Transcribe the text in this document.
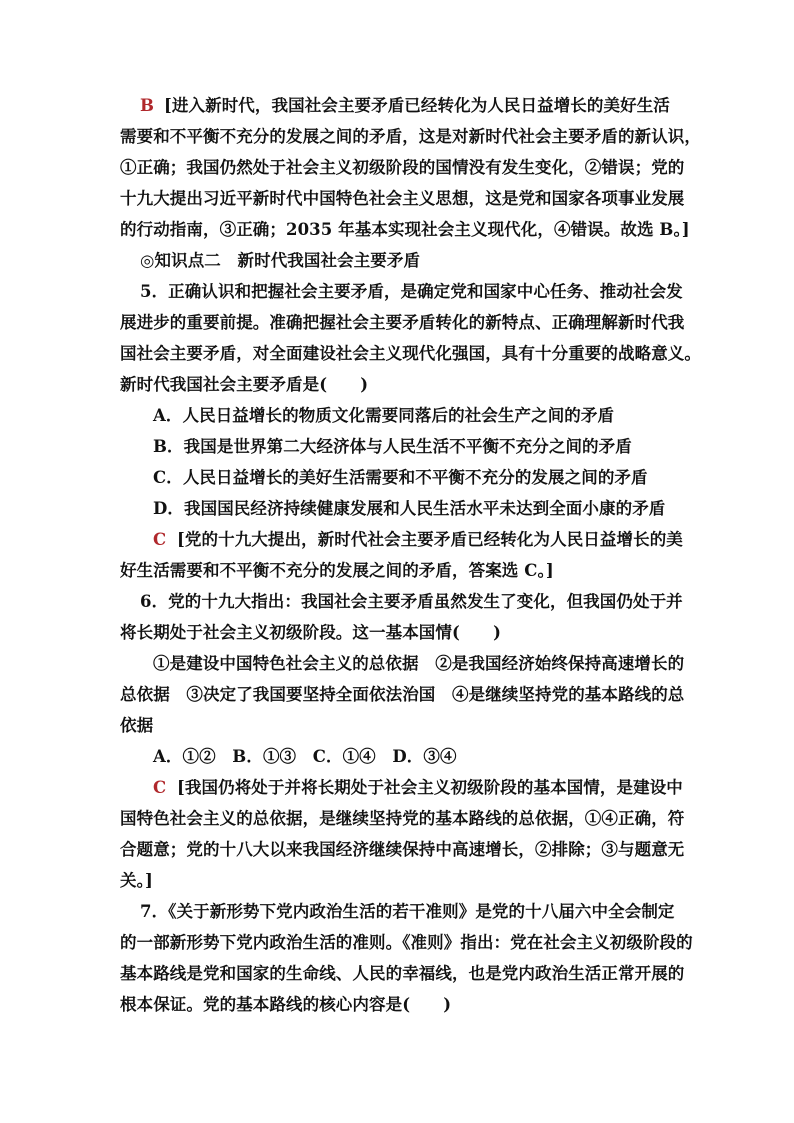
B [进入新时代，我国社会主要矛盾已经转化为人民日益增长的美好生活
需要和不平衡不充分的发展之间的矛盾，这是对新时代社会主要矛盾的新认识，
①正确；我国仍然处于社会主义初级阶段的国情没有发生变化，②错误；党的
十九大提出习近平新时代中国特色社会主义思想，这是党和国家各项事业发展
的行动指南，③正确；2035 年基本实现社会主义现代化，④错误。故选 B。]
◎知识点二　新时代我国社会主要矛盾
5．正确认识和把握社会主要矛盾，是确定党和国家中心任务、推动社会发
展进步的重要前提。准确把握社会主要矛盾转化的新特点、正确理解新时代我
国社会主要矛盾，对全面建设社会主义现代化强国，具有十分重要的战略意义。
新时代我国社会主要矛盾是(　　)
A．人民日益增长的物质文化需要同落后的社会生产之间的矛盾
B．我国是世界第二大经济体与人民生活不平衡不充分之间的矛盾
C．人民日益增长的美好生活需要和不平衡不充分的发展之间的矛盾
D．我国国民经济持续健康发展和人民生活水平未达到全面小康的矛盾
C [党的十九大提出，新时代社会主要矛盾已经转化为人民日益增长的美
好生活需要和不平衡不充分的发展之间的矛盾，答案选 C。]
6．党的十九大指出：我国社会主要矛盾虽然发生了变化，但我国仍处于并
将长期处于社会主义初级阶段。这一基本国情(　　)
①是建设中国特色社会主义的总依据　②是我国经济始终保持高速增长的
总依据　③决定了我国要坚持全面依法治国　④是继续坚持党的基本路线的总
依据
A．①②　B．①③　C．①④　D．③④
C [我国仍将处于并将长期处于社会主义初级阶段的基本国情，是建设中
国特色社会主义的总依据，是继续坚持党的基本路线的总依据，①④正确，符
合题意；党的十八大以来我国经济继续保持中高速增长，②排除；③与题意无
关。]
7．《关于新形势下党内政治生活的若干准则》是党的十八届六中全会制定
的一部新形势下党内政治生活的准则。《准则》指出：党在社会主义初级阶段的
基本路线是党和国家的生命线、人民的幸福线，也是党内政治生活正常开展的
根本保证。党的基本路线的核心内容是(　　)
